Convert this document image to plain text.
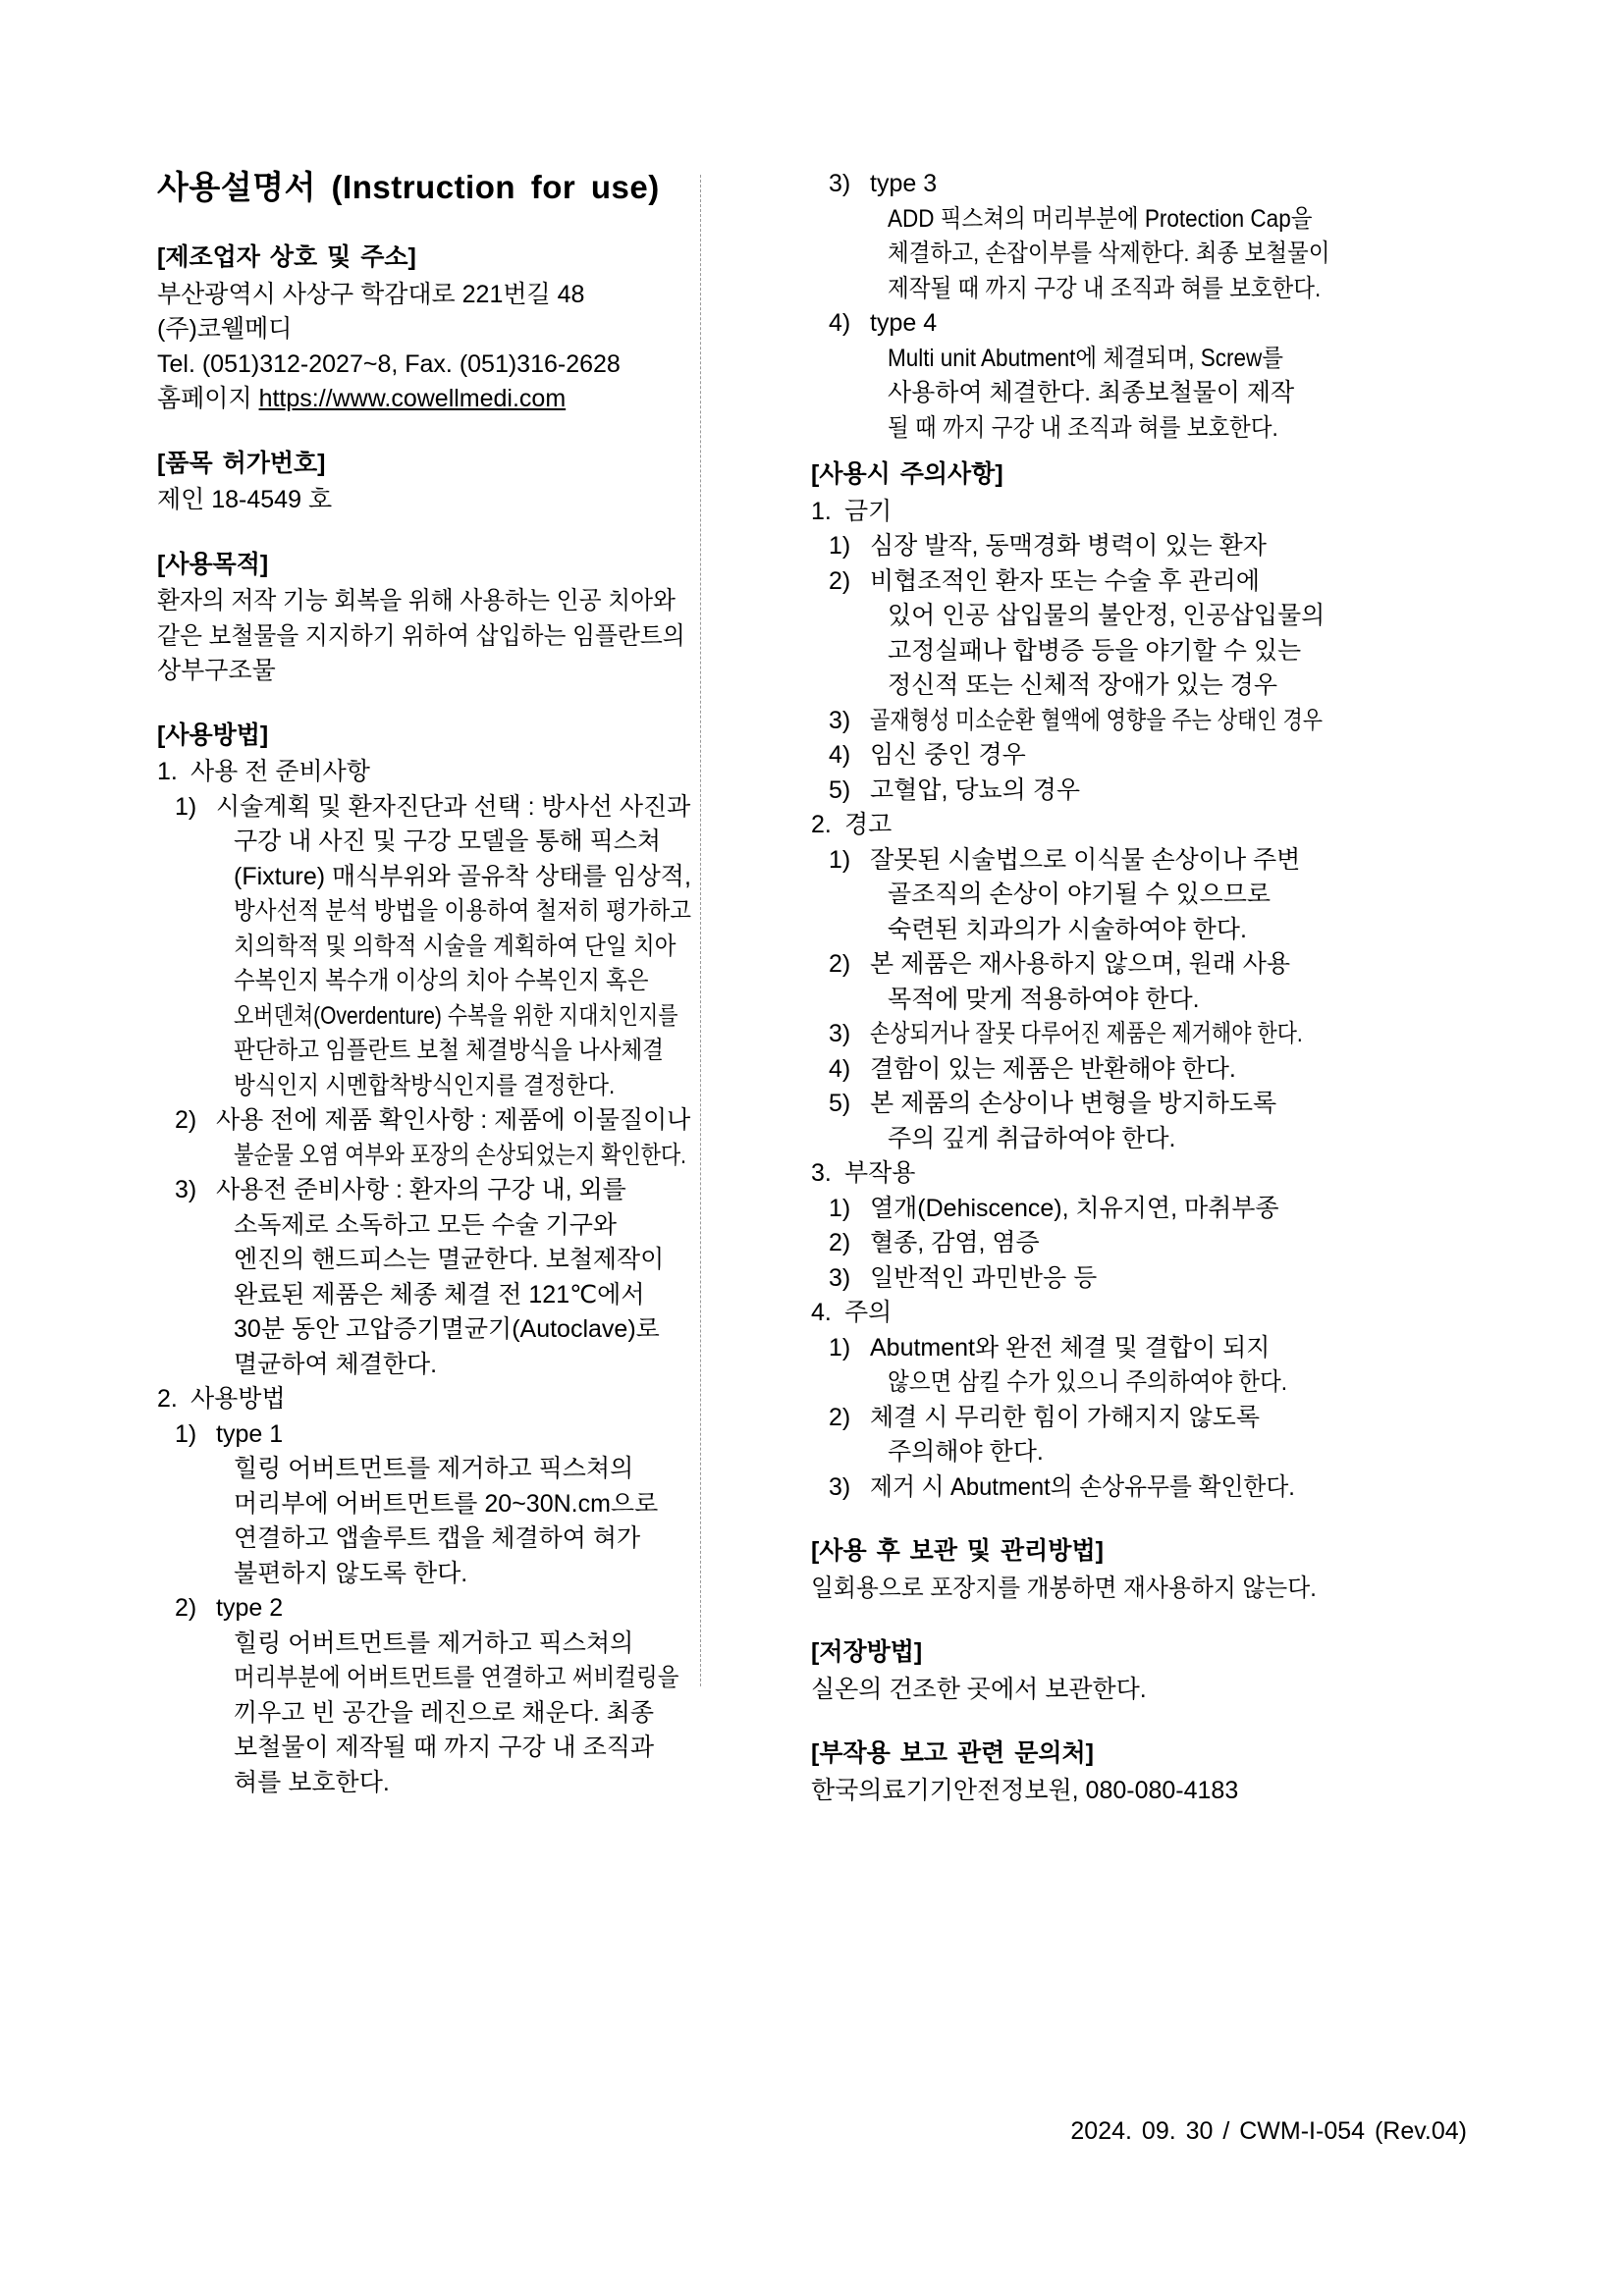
사용설명서 (Instruction for use)
[제조업자 상호 및 주소]

부산광역시 사상구 학감대로 221번길 48

(주)코웰메디

Tel. (051)312-2027~8, Fax. (051)316-2628

홈페이지 https://www.cowellmedi.com

[품목 허가번호]

제인 18-4549 호

[사용목적]

환자의 저작 기능 회복을 위해 사용하는 인공 치아와

같은 보철물을 지지하기 위하여 삽입하는 임플란트의

상부구조물

[사용방법]
1. 사용 전 준비사항
1) 시술계획 및 환자진단과 선택 : 방사선 사진과

구강 내 사진 및 구강 모델을 통해 픽스쳐

(Fixture) 매식부위와 골유착 상태를 임상적,

방사선적 분석 방법을 이용하여 철저히 평가하고

치의학적 및 의학적 시술을 계획하여 단일 치아

수복인지 복수개 이상의 치아 수복인지 혹은

오버덴쳐(Overdenture) 수복을 위한 지대치인지를

판단하고 임플란트 보철 체결방식을 나사체결

방식인지 시멘합착방식인지를 결정한다.

2) 사용 전에 제품 확인사항 : 제품에 이물질이나

불순물 오염 여부와 포장의 손상되었는지 확인한다.

3) 사용전 준비사항 : 환자의 구강 내, 외를

소독제로 소독하고 모든 수술 기구와

엔진의 핸드피스는 멸균한다. 보철제작이

완료된 제품은 체종 체결 전 121℃에서

30분 동안 고압증기멸균기(Autoclave)로

멸균하여 체결한다.

2. 사용방법
1) type 1

힐링 어버트먼트를 제거하고 픽스쳐의

머리부에 어버트먼트를 20~30N.cm으로

연결하고 앱솔루트 캡을 체결하여 혀가

불편하지 않도록 한다.

2) type 2

힐링 어버트먼트를 제거하고 픽스쳐의

머리부분에 어버트먼트를 연결하고 써비컬링을

끼우고 빈 공간을 레진으로 채운다. 최종

보철물이 제작될 때 까지 구강 내 조직과

혀를 보호한다.

3) type 3

ADD 픽스쳐의 머리부분에 Protection Cap을

체결하고, 손잡이부를 삭제한다. 최종 보철물이

제작될 때 까지 구강 내 조직과 혀를 보호한다.

4) type 4

Multi unit Abutment에 체결되며, Screw를

사용하여 체결한다. 최종보철물이 제작

될 때 까지 구강 내 조직과 혀를 보호한다.

[사용시 주의사항]
1. 금기
1) 심장 발작, 동맥경화 병력이 있는 환자
2) 비협조적인 환자 또는 수술 후 관리에

있어 인공 삽입물의 불안정, 인공삽입물의

고정실패나 합병증 등을 야기할 수 있는

정신적 또는 신체적 장애가 있는 경우

3) 골재형성 미소순환 혈액에 영향을 주는 상태인 경우
4) 임신 중인 경우
5) 고혈압, 당뇨의 경우
2. 경고
1) 잘못된 시술법으로 이식물 손상이나 주변

골조직의 손상이 야기될 수 있으므로

숙련된 치과의가 시술하여야 한다.

2) 본 제품은 재사용하지 않으며, 원래 사용

목적에 맞게 적용하여야 한다.

3) 손상되거나 잘못 다루어진 제품은 제거해야 한다.
4) 결함이 있는 제품은 반환해야 한다.
5) 본 제품의 손상이나 변형을 방지하도록

주의 깊게 취급하여야 한다.

3. 부작용
1) 열개(Dehiscence), 치유지연, 마취부종
2) 혈종, 감염, 염증
3) 일반적인 과민반응 등
4. 주의
1) Abutment와 완전 체결 및 결합이 되지

않으면 삼킬 수가 있으니 주의하여야 한다.

2) 체결 시 무리한 힘이 가해지지 않도록

주의해야 한다.

3) 제거 시 Abutment의 손상유무를 확인한다.
[사용 후 보관 및 관리방법]

일회용으로 포장지를 개봉하면 재사용하지 않는다.

[저장방법]

실온의 건조한 곳에서 보관한다.

[부작용 보고 관련 문의처]

한국의료기기안전정보원, 080-080-4183

2024. 09. 30 / CWM-I-054 (Rev.04)
